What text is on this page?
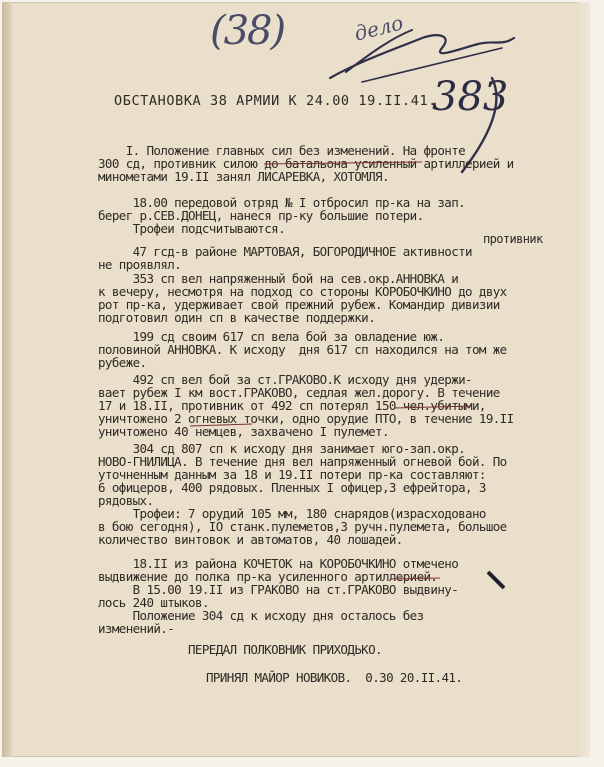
(38)	дело
383
ОБСТАНОВКА 38 АРМИИ К 24.00 19.II.41.
I. Положение главных сил без изменений. На фронте
300 сд, противник силою до батальона усиленный артиллерией и
минометами 19.II занял ЛИСАРЕВКА, ХОТОМЛЯ.
18.00 передовой отряд № I отбросил пр-ка на зап.
берег р.СЕВ.ДОНЕЦ, нанеся пр-ку большие потери.
Трофеи подсчитываются.
противник
47 гсд-в районе МАРТОВАЯ, БОГОРОДИЧНОЕ активности
не проявлял.
353 сп вел напряженный бой на сев.окр.АННОВКА и
к вечеру, несмотря на подход со стороны КОРОБОЧКИНО до двух
рот пр-ка, удерживает свой прежний рубеж. Командир дивизии
подготовил один сп в качестве поддержки.
199 сд своим 617 сп вела бой за овладение юж.
половиной АННОВКА. К исходу  дня 617 сп находился на том же
рубеже.
492 сп вел бой за ст.ГРАКОВО.К исходу дня удержи-
вает рубеж I км вост.ГРАКОВО, седлая жел.дорогу. В течение
17 и 18.II, противник от 492 сп потерял 150 чел.убитыми,
уничтожено 2 огневых точки, одно орудие ПТО, в течение 19.II
уничтожено 40 немцев, захвачено I пулемет.
304 сд 807 сп к исходу дня занимает юго-зап.окр.
НОВО-ГНИЛИЦА. В течение дня вел напряженный огневой бой. По
уточненным данным за 18 и 19.II потери пр-ка составляют:
6 офицеров, 400 рядовых. Пленных I офицер,3 ефрейтора, 3
рядовых.
Трофеи: 7 орудий 105 мм, 180 снарядов(израсходовано
в бою сегодня), IO станк.пулеметов,3 ручн.пулемета, большое
количество винтовок и автоматов, 40 лошадей.
18.II из района КОЧЕТОК на КОРОБОЧКИНО отмечено
выдвижение до полка пр-ка усиленного артиллерией.
В 15.00 19.II из ГРАКОВО на ст.ГРАКОВО выдвину-
лось 240 штыков.
Положение 304 сд к исходу дня осталось без
изменений.-
ПЕРЕДАЛ ПОЛКОВНИК ПРИХОДЬКО.
ПРИНЯЛ МАЙОР НОВИКОВ.  0.30 20.II.41.
